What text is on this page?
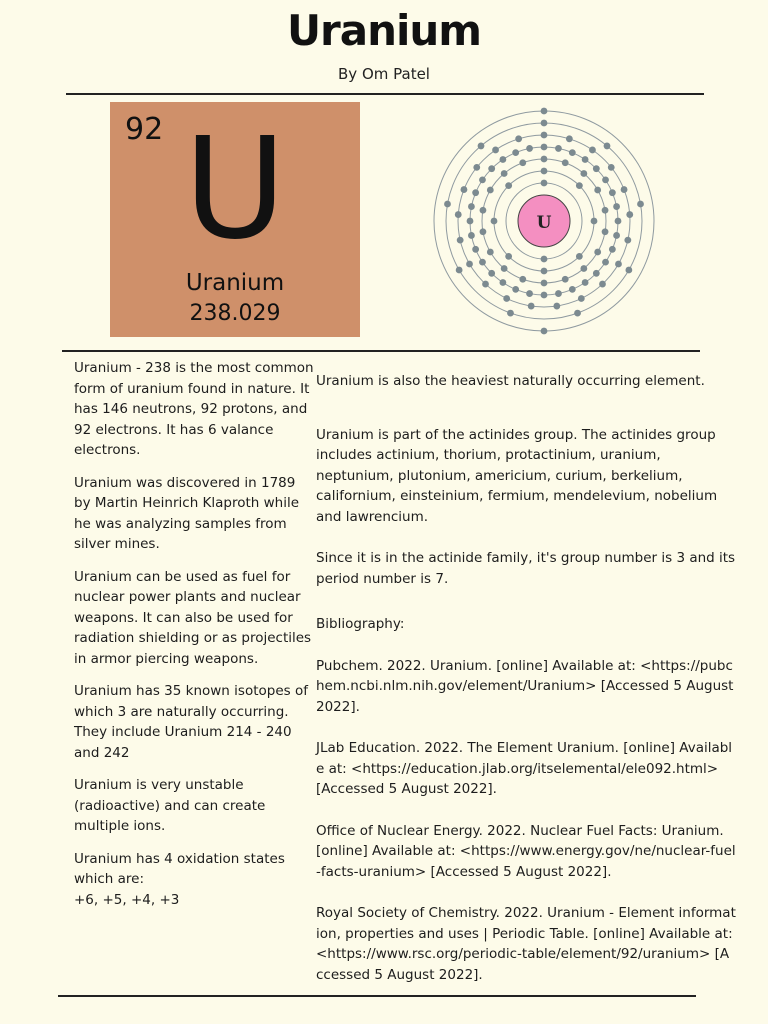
Uranium
By Om Patel
92 U
Uranium
238.029
U

Uranium - 238 is the most common form of uranium found in nature. It has 146 neutrons, 92 protons, and 92 electrons. It has 6 valance electrons.

Uranium was discovered in 1789 by Martin Heinrich Klaproth while he was analyzing samples from silver mines.

Uranium can be used as fuel for nuclear power plants and nuclear weapons. It can also be used for radiation shielding or as projectiles in armor piercing weapons.

Uranium has 35 known isotopes of which 3 are naturally occurring. They include Uranium 214 - 240 and 242

Uranium is very unstable (radioactive) and can create multiple ions.

Uranium has 4 oxidation states which are:
+6, +5, +4, +3

Uranium is also the heaviest naturally occurring element.

Uranium is part of the actinides group. The actinides group includes actinium, thorium, protactinium, uranium, neptunium, plutonium, americium, curium, berkelium, californium, einsteinium, fermium, mendelevium, nobelium and lawrencium.

Since it is in the actinide family, it's group number is 3 and its period number is 7.

Bibliography:

Pubchem. 2022. Uranium. [online] Available at: <https://pubchem.ncbi.nlm.nih.gov/element/Uranium> [Accessed 5 August 2022].

JLab Education. 2022. The Element Uranium. [online] Available at: <https://education.jlab.org/itselemental/ele092.html> [Accessed 5 August 2022].

Office of Nuclear Energy. 2022. Nuclear Fuel Facts: Uranium. [online] Available at: <https://www.energy.gov/ne/nuclear-fuel-facts-uranium> [Accessed 5 August 2022].

Royal Society of Chemistry. 2022. Uranium - Element information, properties and uses | Periodic Table. [online] Available at: <https://www.rsc.org/periodic-table/element/92/uranium> [Accessed 5 August 2022].
